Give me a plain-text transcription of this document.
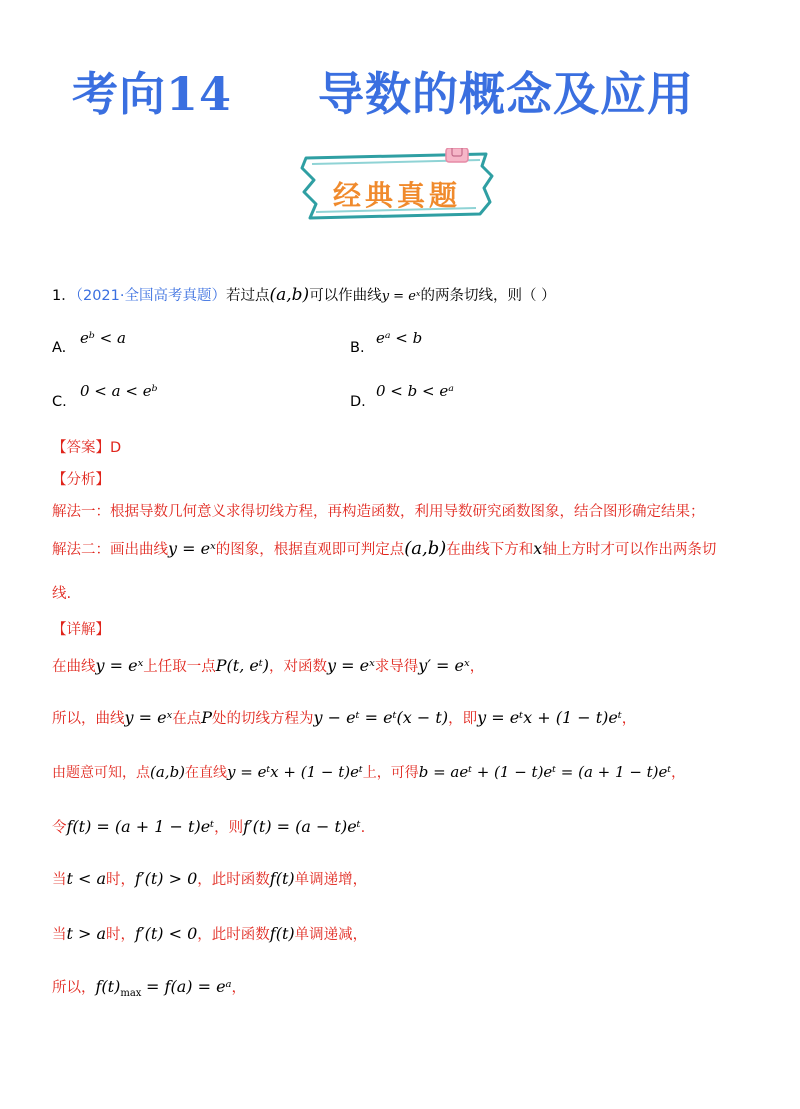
考向14 导数的概念及应用
经典真题
1．（2021·全国高考真题）若过点(a,b)可以作曲线y = eˣ的两条切线，则（ ）
A.
eᵇ < a
B.
eᵃ < b
C.
0 < a < eᵇ
D.
0 < b < eᵃ
【答案】D
【分析】
解法一：根据导数几何意义求得切线方程，再构造函数，利用导数研究函数图象，结合图形确定结果；
解法二：画出曲线y = eˣ的图象，根据直观即可判定点(a,b)在曲线下方和x轴上方时才可以作出两条切
线.
【详解】
在曲线y = eˣ上任取一点P(t, eᵗ)，对函数y = eˣ求导得y′ = eˣ，
所以，曲线y = eˣ在点P处的切线方程为y − eᵗ = eᵗ(x − t)，即y = eᵗx + (1 − t)eᵗ，
由题意可知，点(a,b)在直线y = eᵗx + (1 − t)eᵗ上，可得b = aeᵗ + (1 − t)eᵗ = (a + 1 − t)eᵗ，
令f(t) = (a + 1 − t)eᵗ，则f′(t) = (a − t)eᵗ.
当t < a时，f′(t) > 0，此时函数f(t)单调递增，
当t > a时，f′(t) < 0，此时函数f(t)单调递减，
所以，$f(t)_{max} = f(a)$ = eᵃ，
